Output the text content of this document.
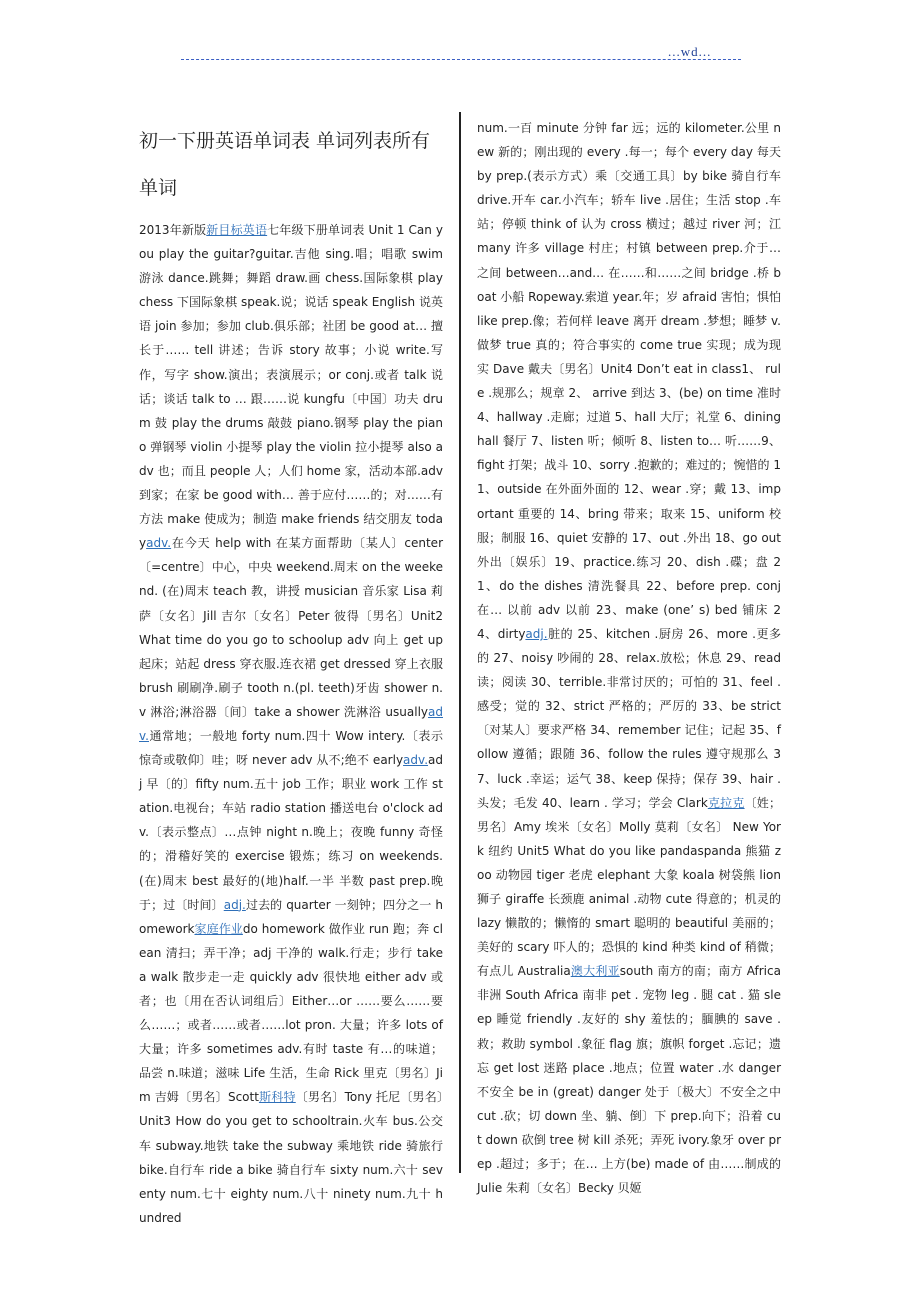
...wd...
初一下册英语单词表 单词列表所有单词

2013年新版新目标英语七年级下册单词表 Unit 1 Can you play the guitar?guitar.吉他 sing.唱；唱歌 swim 游泳 dance.跳舞；舞蹈 draw.画 chess.国际象棋 play chess 下国际象棋 speak.说；说话 speak English 说英语 join 参加；参加 club.俱乐部；社团 be good at… 擅长于…… tell 讲述；告诉 story 故事；小说 write.写作，写字 show.演出；表演展示；or conj.或者 talk 说话；谈话 talk to … 跟……说 kungfu〔中国〕功夫 drum 鼓 play the drums 敲鼓 piano.钢琴 play the piano 弹钢琴 violin 小提琴 play the violin 拉小提琴 also adv 也；而且 people 人；人们 home 家，活动本部.adv 到家；在家 be good with… 善于应付……的；对……有方法 make 使成为；制造 make friends 结交朋友 todayadv.在今天 help with 在某方面帮助〔某人〕center〔=centre〕中心，中央 weekend.周末 on the weekend. (在)周末 teach 教，讲授 musician 音乐家 Lisa 莉萨〔女名〕Jill 吉尔〔女名〕Peter 彼得〔男名〕Unit2 What time do you go to schoolup adv 向上 get up 起床；站起 dress 穿衣服.连衣裙 get dressed 穿上衣服 brush 刷刷净.刷子 tooth n.(pl. teeth)牙齿 shower n.v 淋浴;淋浴器〔间〕take a shower 洗淋浴 usuallyadv.通常地；一般地 forty num.四十 Wow intery.〔表示惊奇或敬仰〕哇；呀 never adv 从不;绝不 earlyadv.adj 早〔的〕fifty num.五十 job 工作；职业 work 工作 station.电视台；车站 radio station 播送电台 o'clock adv.〔表示整点〕…点钟 night n.晚上；夜晚 funny 奇怪的；滑稽好笑的 exercise 锻炼；练习 on weekends. (在)周末 best 最好的(地)half.一半 半数 past prep.晚于；过〔时间〕adj.过去的 quarter 一刻钟；四分之一 homework家庭作业do homework 做作业 run 跑；奔 clean 清扫；弄干净；adj 干净的 walk.行走；步行 take a walk 散步走一走 quickly adv 很快地 either adv 或者；也〔用在否认词组后〕Either…or ……要么……要么……；或者……或者……lot pron. 大量；许多 lots of 大量；许多 sometimes adv.有时 taste 有…的味道；品尝 n.味道；滋味 Life 生活，生命 Rick 里克〔男名〕Jim 吉姆〔男名〕Scott斯科特〔男名〕Tony 托尼〔男名〕Unit3 How do you get to schooltrain.火车 bus.公交车 subway.地铁 take the subway 乘地铁 ride 骑旅行 bike.自行车 ride a bike 骑自行车 sixty num.六十 seventy num.七十 eighty num.八十 ninety num.九十 hundred

num.一百 minute 分钟 far 远；远的 kilometer.公里 new 新的；刚出现的 every .每一；每个 every day 每天 by prep.(表示方式）乘〔交通工具〕by bike 骑自行车 drive.开车 car.小汽车；轿车 live .居住；生活 stop .车站；停顿 think of 认为 cross 横过；越过 river 河；江 many 许多 village 村庄；村镇 between prep.介于…之间 between…and… 在……和……之间 bridge .桥 boat 小船 Ropeway.索道 year.年；岁 afraid 害怕；惧怕 like prep.像；若何样 leave 离开 dream .梦想；睡梦 v.做梦 true 真的；符合事实的 come true 实现；成为现实 Dave 戴夫〔男名〕Unit4 Don’t eat in class1、 rule .规那么；规章 2、 arrive 到达 3、(be) on time 准时 4、hallway .走廊；过道 5、hall 大厅；礼堂 6、dining hall 餐厅 7、listen 听；倾听 8、listen to… 听……9、fight 打架；战斗 10、sorry .抱歉的；难过的；惋惜的 11、outside 在外面外面的 12、wear .穿；戴 13、important 重要的 14、bring 带来；取来 15、uniform 校服；制服 16、quiet 安静的 17、out .外出 18、go out 外出〔娱乐〕19、practice.练习 20、dish .碟；盘 21、do the dishes 清洗餐具 22、before prep. conj 在… 以前 adv 以前 23、make (one’ s) bed 铺床 24、dirtyadj.脏的 25、kitchen .厨房 26、more .更多的 27、noisy 吵闹的 28、relax.放松；休息 29、read 读；阅读 30、terrible.非常讨厌的；可怕的 31、feel .感受；觉的 32、strict 严格的；严厉的 33、be strict 〔对某人〕要求严格 34、remember 记住；记起 35、follow 遵循；跟随 36、follow the rules 遵守规那么 37、luck .幸运；运气 38、keep 保持；保存 39、hair .头发；毛发 40、learn . 学习；学会 Clark克拉克〔姓；男名〕Amy 埃米〔女名〕Molly 莫莉〔女名〕 New York 纽约 Unit5 What do you like pandaspanda 熊猫 zoo 动物园 tiger 老虎 elephant 大象 koala 树袋熊 lion 狮子 giraffe 长颈鹿 animal .动物 cute 得意的；机灵的 lazy 懒散的；懒惰的 smart 聪明的 beautiful 美丽的；美好的 scary 吓人的；恐惧的 kind 种类 kind of 稍微；有点儿 Australia澳大利亚south 南方的南；南方 Africa 非洲 South Africa 南非 pet . 宠物 leg . 腿 cat . 猫 sleep 睡觉 friendly .友好的 shy 羞怯的；腼腆的 save .救；救助 symbol .象征 flag 旗；旗帜 forget .忘记；遗忘 get lost 迷路 place .地点；位置 water .水 danger 不安全 be in (great) danger 处于〔极大〕不安全之中 cut .砍；切 down 坐、躺、倒〕下 prep.向下；沿着 cut down 砍倒 tree 树 kill 杀死；弄死 ivory.象牙 over prep .超过；多于；在… 上方(be) made of 由……制成的 Julie 朱莉〔女名〕Becky 贝姬
